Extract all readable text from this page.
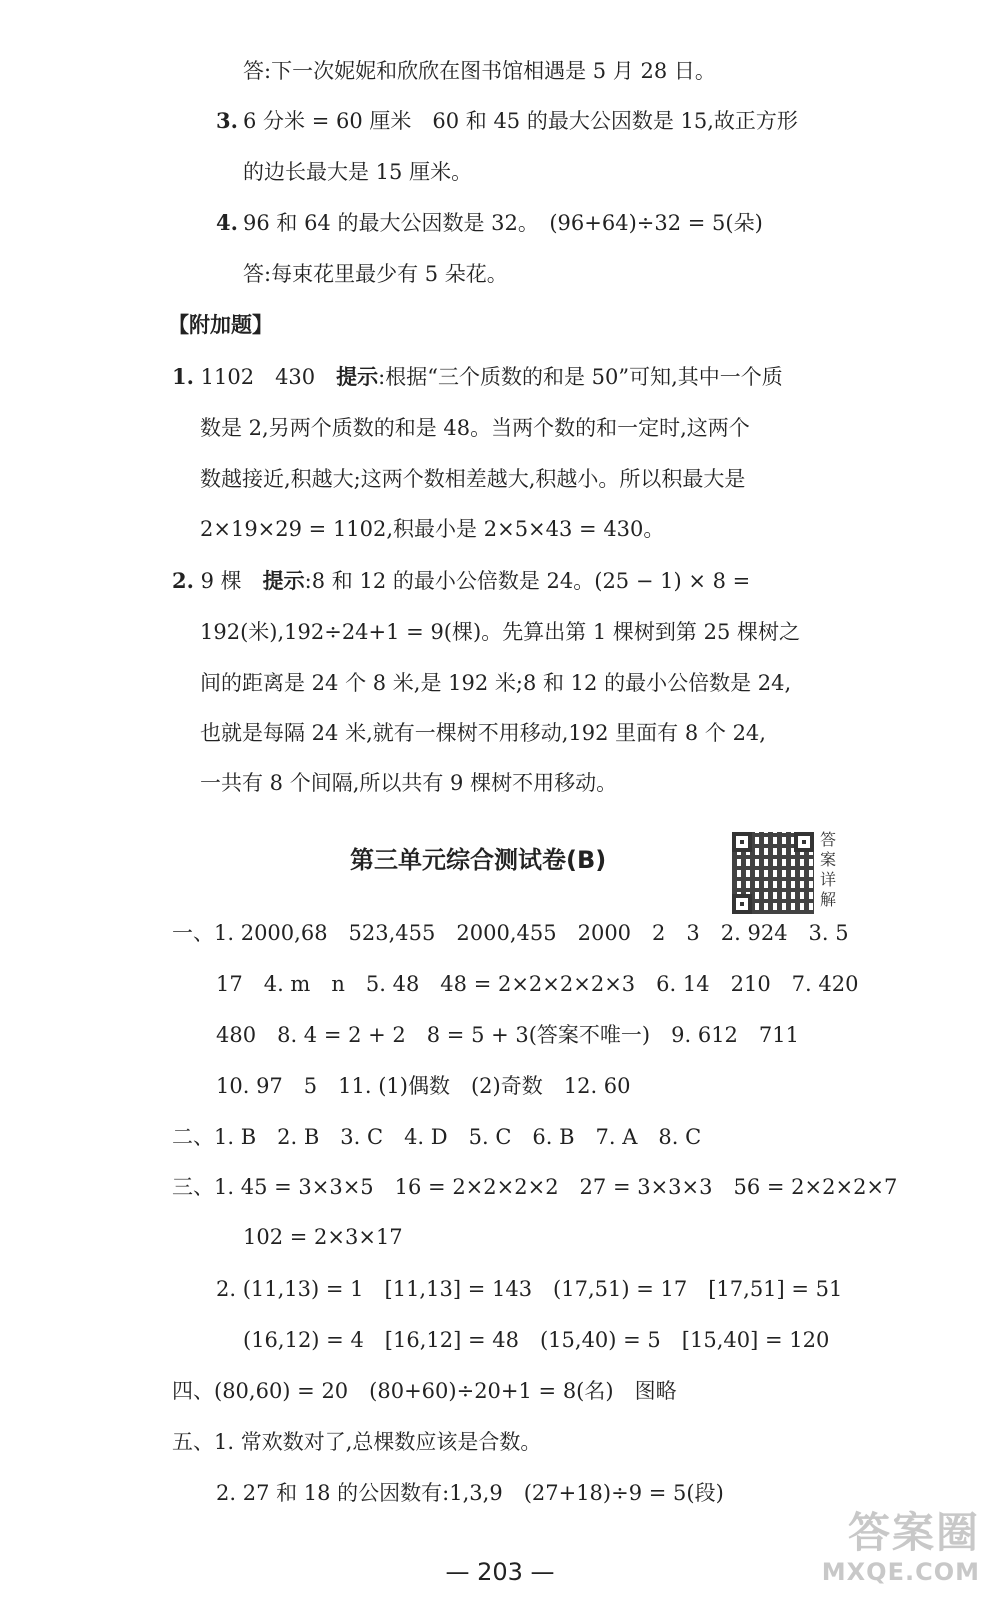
答:下一次妮妮和欣欣在图书馆相遇是 5 月 28 日。
3. 6 分米 = 60 厘米　60 和 45 的最大公因数是 15,故正方形
的边长最大是 15 厘米。
4. 96 和 64 的最大公因数是 32。　(96+64)÷32 = 5(朵)
答:每束花里最少有 5 朵花。
【附加题】
1. 1102　430　 提示:根据“三个质数的和是 50”可知,其中一个质
数是 2,另两个质数的和是 48。当两个数的和一定时,这两个
数越接近,积越大;这两个数相差越大,积越小。所以积最大是
2×19×29 = 1102,积最小是 2×5×43 = 430。
2. 9 棵　 提示:8 和 12 的最小公倍数是 24。(25 − 1) × 8 =
192(米),192÷24+1 = 9(棵)。先算出第 1 棵树到第 25 棵树之
间的距离是 24 个 8 米,是 192 米;8 和 12 的最小公倍数是 24,
也就是每隔 24 米,就有一棵树不用移动,192 里面有 8 个 24,
一共有 8 个间隔,所以共有 9 棵树不用移动。
第三单元综合测试卷(B)
答案详解
一、1. 2000,68　523,455　2000,455　2000　2　3　2. 924　3. 5
17　4. m　n　5. 48　48 = 2×2×2×2×3　6. 14　210　7. 420
480　8. 4 = 2 + 2　8 = 5 + 3(答案不唯一)　9. 612　711
10. 97　5　11. (1)偶数　(2)奇数　12. 60
二、1. B　2. B　3. C　4. D　5. C　6. B　7. A　8. C
三、1. 45 = 3×3×5　16 = 2×2×2×2　27 = 3×3×3　56 = 2×2×2×7
102 = 2×3×17
2. (11,13) = 1　[11,13] = 143　(17,51) = 17　[17,51] = 51
(16,12) = 4　[16,12] = 48　(15,40) = 5　[15,40] = 120
四、(80,60) = 20　(80+60)÷20+1 = 8(名)　图略
五、1. 常欢数对了,总棵数应该是合数。
2. 27 和 18 的公因数有:1,3,9　(27+18)÷9 = 5(段)
— 203 —
答案圈
MXQE.COM
